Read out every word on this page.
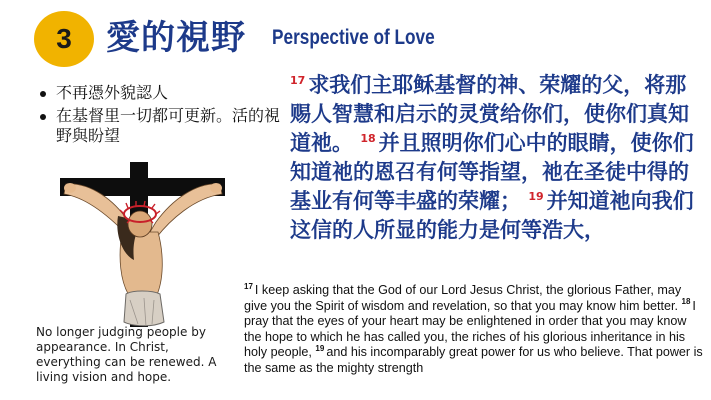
3	愛的視野 Perspective of Love
不再憑外貌認人
在基督里一切都可更新。活的視野與盼望
No longer judging people by appearance. In Christ, everything can be renewed. A living vision and hope.
$^{17}$ 求我们主耶稣基督的神、荣耀的父，将那赐人智慧和启示的灵赏给你们，使你们真知道祂。 $^{18}$ 并且照明你们心中的眼睛，使你们知道祂的恩召有何等指望，祂在圣徒中得的基业有何等丰盛的荣耀； $^{19}$ 并知道祂向我们这信的人所显的能力是何等浩大，
$^{17}$ I keep asking that the God of our Lord Jesus Christ, the glorious Father, may give you the Spirit of wisdom and revelation, so that you may know him better. $^{18}$ I pray that the eyes of your heart may be enlightened in order that you may know the hope to which he has called you, the riches of his glorious inheritance in his holy people, $^{19}$ and his incomparably great power for us who believe. That power is the same as the mighty strength
